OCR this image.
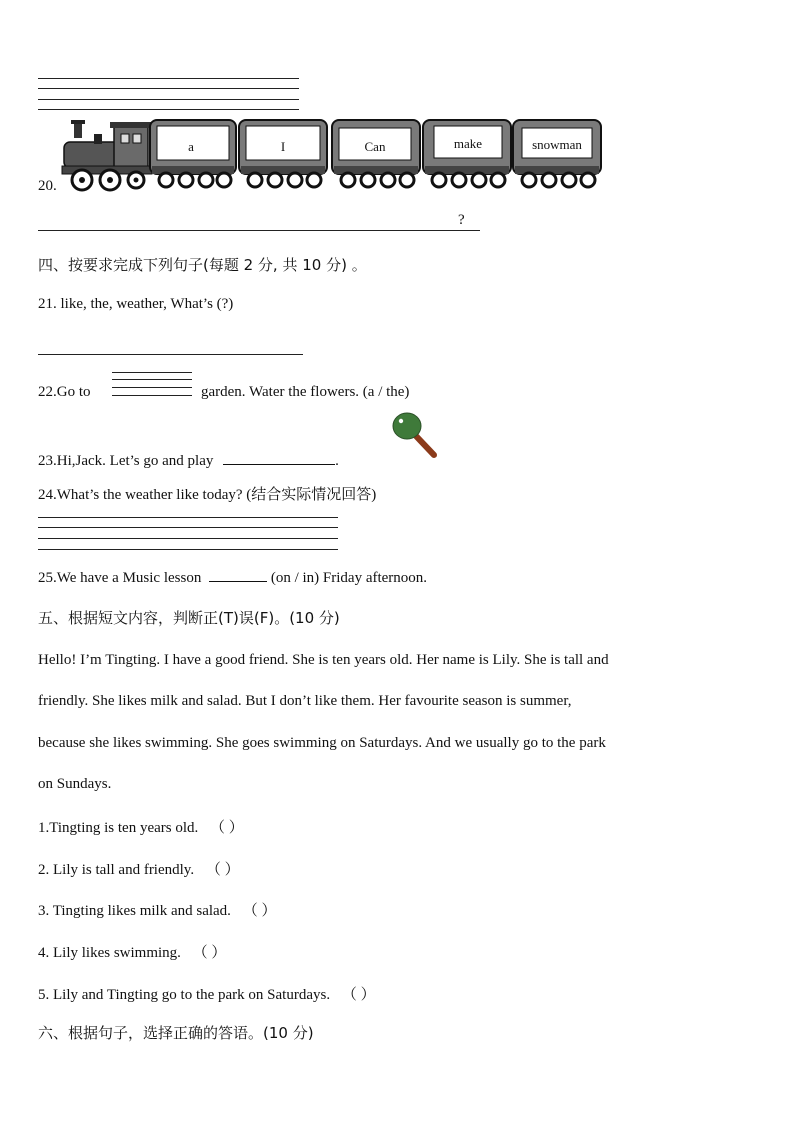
20.
a	I	Can	make	snowman
?
四、按要求完成下列句子(每题 2 分, 共 10 分) 。
21. like, the, weather, What’s (?)
22.Go to	garden. Water the flowers. (a / the)
23.Hi,Jack. Let’s go and play	.
24.What’s the weather like today? (结合实际情况回答)
25.We have a Music lesson	(on / in) Friday afternoon.
五、根据短文内容，判断正(T)误(F)。(10 分)
Hello! I’m Tingting. I have a good friend. She is ten years old. Her name is Lily. She is tall and
friendly. She likes milk and salad. But I don’t like them. Her favourite season is summer,
because she likes swimming. She goes swimming on Saturdays. And we usually go to the park
on Sundays.
1.Tingting is ten years old. （ ）
2. Lily is tall and friendly. （ ）
3. Tingting likes milk and salad. （ ）
4. Lily likes swimming. （ ）
5. Lily and Tingting go to the park on Saturdays. （ ）
六、根据句子，选择正确的答语。(10 分)
